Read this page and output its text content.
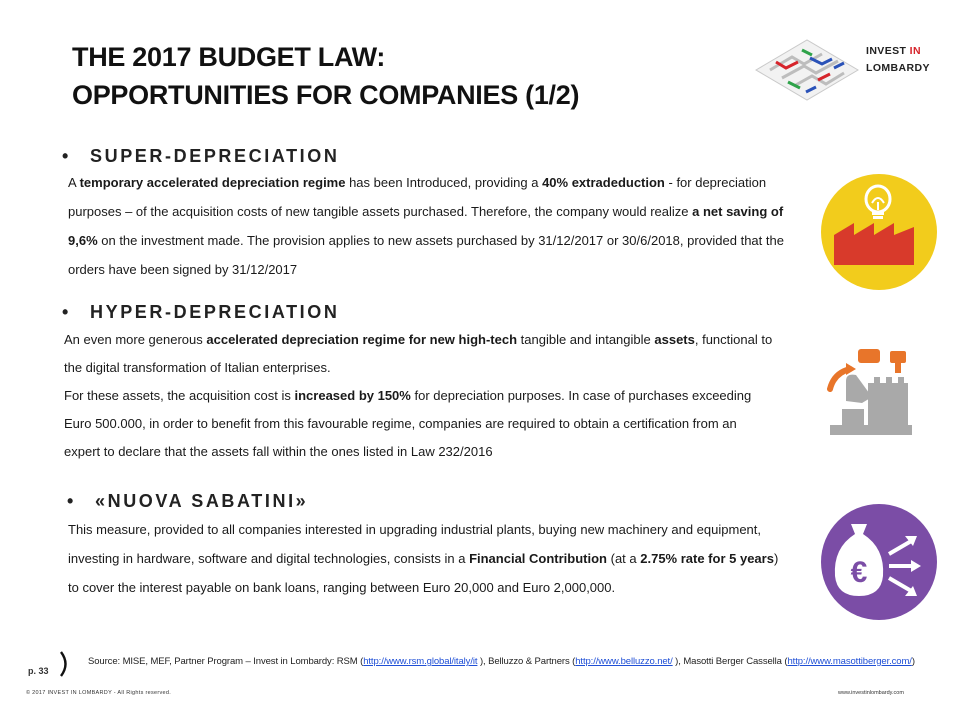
THE 2017 BUDGET LAW:
OPPORTUNITIES FOR COMPANIES (1/2)
INVEST IN
LOMBARDY
• SUPER-DEPRECIATION

A temporary accelerated depreciation regime has been Introduced, providing a 40% extradeduction - for depreciation purposes – of the acquisition costs of new tangible assets purchased. Therefore, the company would realize a net saving of 9,6% on the investment made. The provision applies to new assets purchased by 31/12/2017 or 30/6/2018, provided that the orders have been signed by 31/12/2017

• HYPER-DEPRECIATION

An even more generous accelerated depreciation regime for new high-tech tangible and intangible assets, functional to the digital transformation of Italian enterprises.

For these assets, the acquisition cost is increased by 150% for depreciation purposes. In case of purchases exceeding Euro 500.000, in order to benefit from this favourable regime, companies are required to obtain a certification from an expert to declare that the assets fall within the ones listed in Law 232/2016

• «NUOVA SABATINI»

This measure, provided to all companies interested in upgrading industrial plants, buying new machinery and equipment, investing in hardware, software and digital technologies, consists in a Financial Contribution (at a 2.75% rate for 5 years) to cover the interest payable on bank loans, ranging between Euro 20,000 and Euro 2,000,000.	€
p. 33
Source: MISE, MEF, Partner Program – Invest in Lombardy: RSM (http://www.rsm.global/italy/it ), Belluzzo & Partners (http://www.belluzzo.net/ ), Masotti Berger Cassella (http://www.masottiberger.com/)
© 2017 INVEST IN LOMBARDY - All Rights reserved.	www.investinlombardy.com
